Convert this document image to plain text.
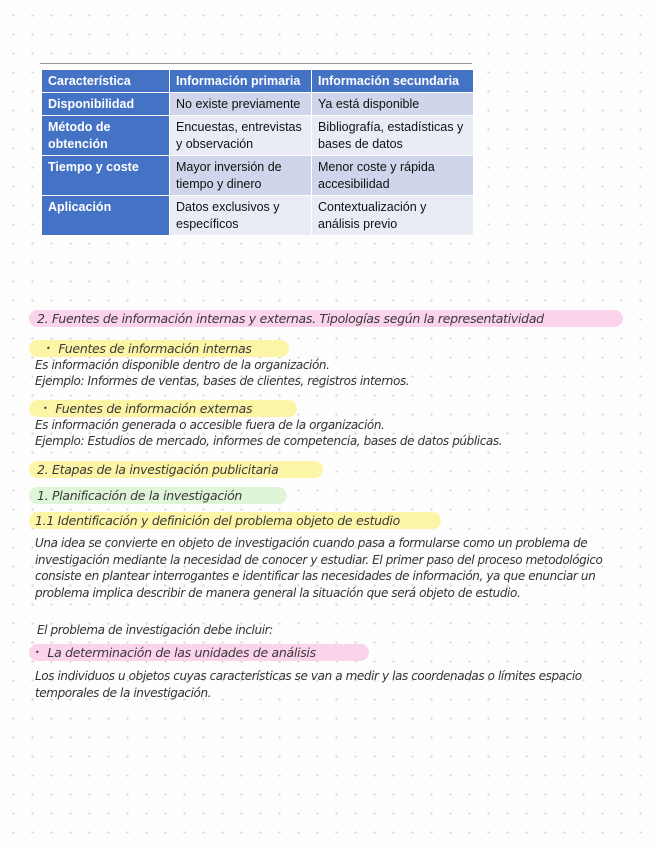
Característica	Información primaria	Información secundaria
Disponibilidad	No existe previamente	Ya está disponible
Método de obtención	Encuestas, entrevistas y observación	Bibliografía, estadísticas y bases de datos
Tiempo y coste	Mayor inversión de tiempo y dinero	Menor coste y rápida accesibilidad
Aplicación	Datos exclusivos y específicos	Contextualización y análisis previo
2. Fuentes de información internas y externas. Tipologías según la representatividad
• Fuentes de información internas
Es información disponible dentro de la organización.
Ejemplo: Informes de ventas, bases de clientes, registros internos.
• Fuentes de información externas
Es información generada o accesible fuera de la organización.
Ejemplo: Estudios de mercado, informes de competencia, bases de datos públicas.
2. Etapas de la investigación publicitaria
1. Planificación de la investigación
1.1 Identificación y definición del problema objeto de estudio
Una idea se convierte en objeto de investigación cuando pasa a formularse como un problema de investigación mediante la necesidad de conocer y estudiar. El primer paso del proceso metodológico consiste en plantear interrogantes e identificar las necesidades de información, ya que enunciar un problema implica describir de manera general la situación que será objeto de estudio.
El problema de investigación debe incluir:
• La determinación de las unidades de análisis
Los individuos u objetos cuyas características se van a medir y las coordenadas o límites espacio temporales de la investigación.
